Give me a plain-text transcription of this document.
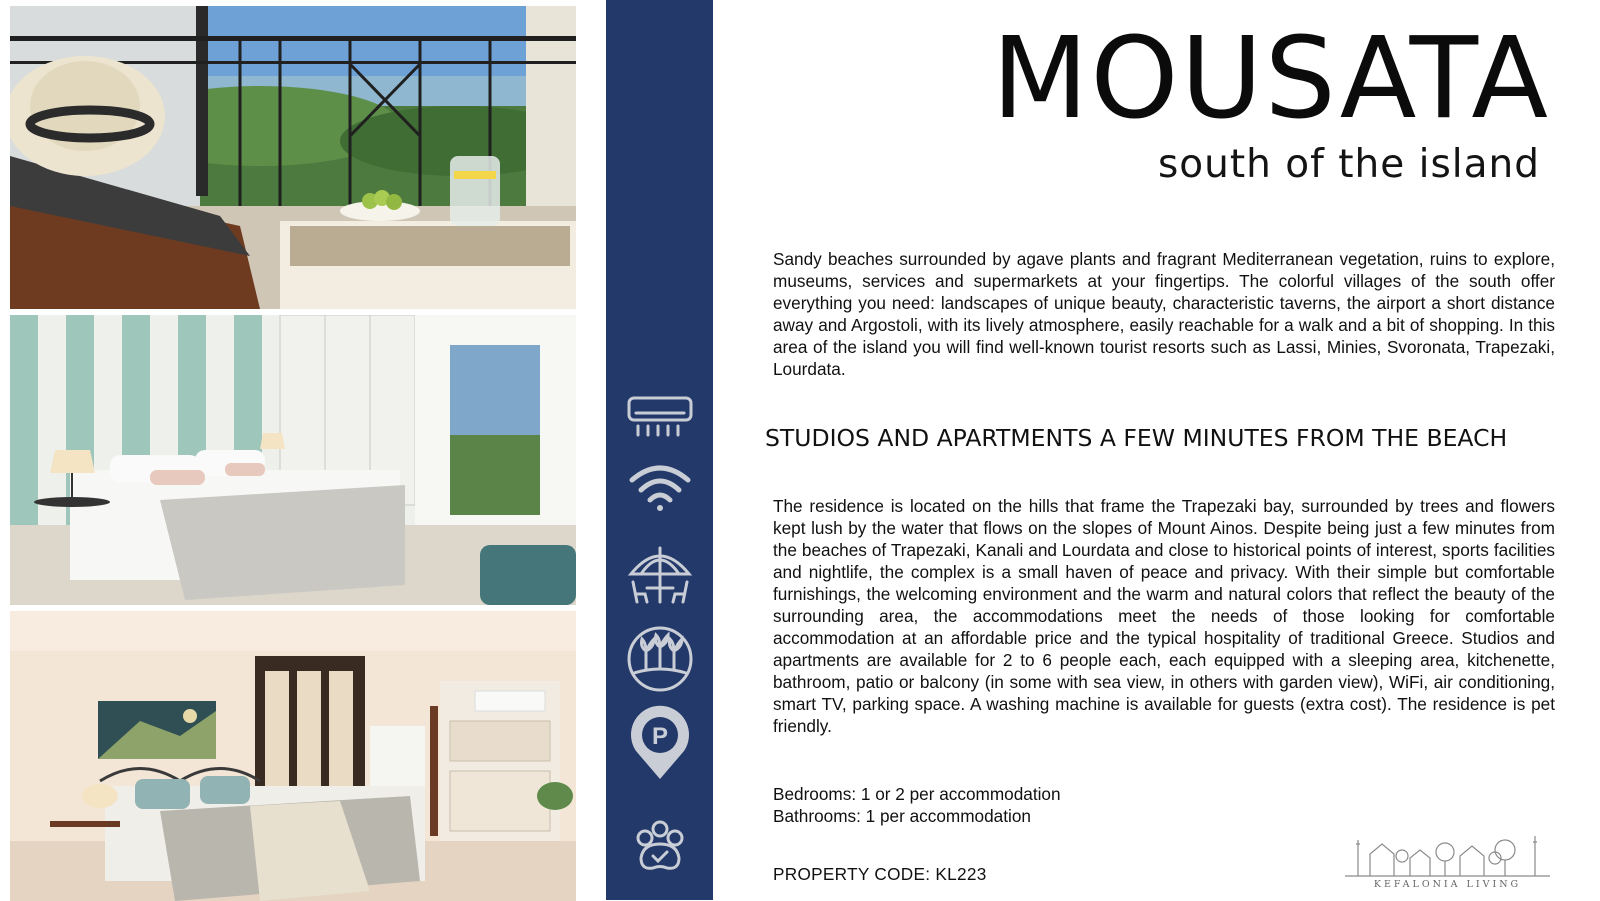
P
MOUSATA
south of the island

Sandy beaches surrounded by agave plants and fragrant Mediterranean vegetation, ruins to explore, museums, services and supermarkets at your fingertips. The colorful villages of the south offer everything you need: landscapes of unique beauty, characteristic taverns, the airport a short distance away and Argostoli, with its lively atmosphere, easily reachable for a walk and a bit of shopping. In this area of the island you will find well-known tourist resorts such as Lassi, Minies, Svoronata, Trapezaki, Lourdata.

STUDIOS AND APARTMENTS A FEW MINUTES FROM THE BEACH

The residence is located on the hills that frame the Trapezaki bay, surrounded by trees and flowers kept lush by the water that flows on the slopes of Mount Ainos. Despite being just a few minutes from the beaches of Trapezaki, Kanali and Lourdata and close to historical points of interest, sports facilities and nightlife, the complex is a small haven of peace and privacy. With their simple but comfortable furnishings, the welcoming environment and the warm and natural colors that reflect the beauty of the surrounding area, the accommodations meet the needs of those looking for comfortable accommodation at an affordable price and the typical hospitality of traditional Greece. Studios and apartments are available for 2 to 6 people each, each equipped with a sleeping area, kitchenette, bathroom, patio or balcony (in some with sea view, in others with garden view), WiFi, air conditioning, smart TV, parking space. A washing machine is available for guests (extra cost). The residence is pet friendly.

Bedrooms: 1 or 2 per accommodation
Bathrooms: 1 per accommodation
PROPERTY CODE: KL223
KEFALONIA LIVING
